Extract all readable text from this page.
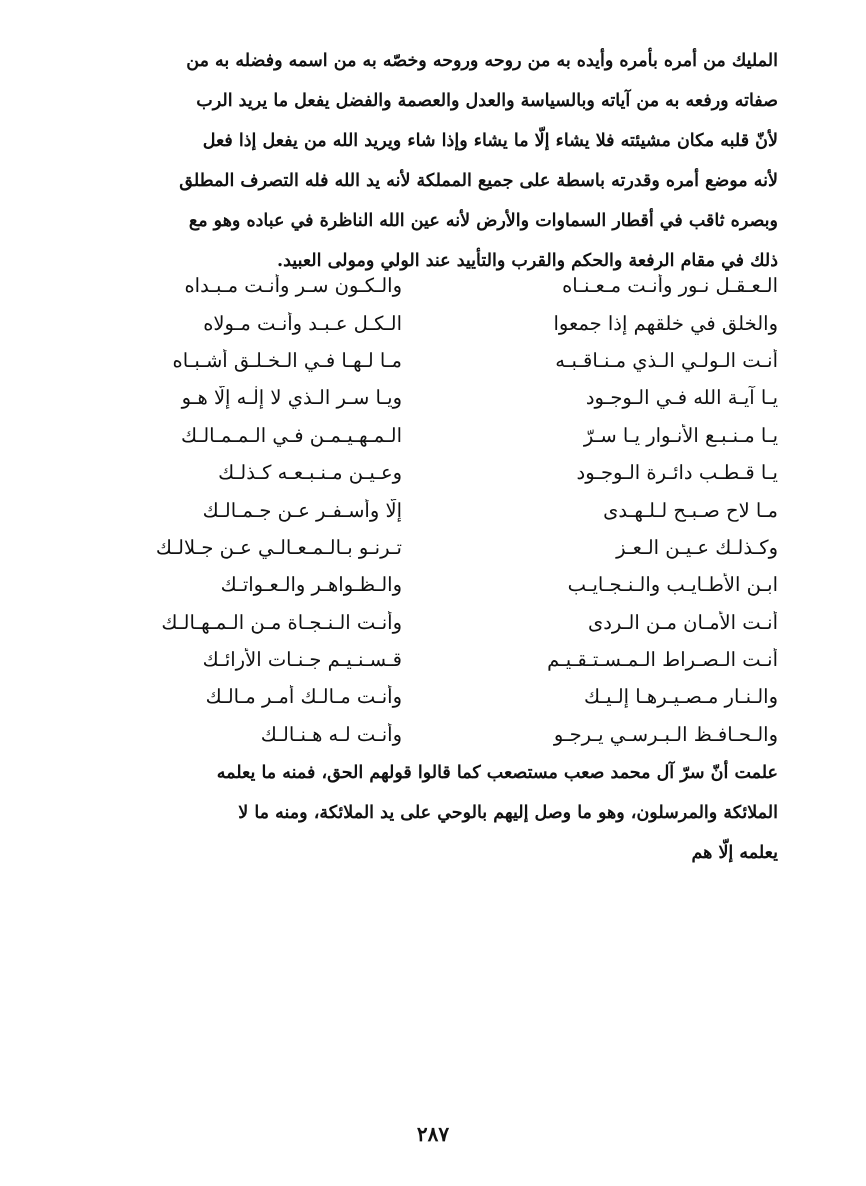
المليك من أمره بأمره وأيده به من روحه وروحه وخصّه به من اسمه وفضله به من
صفاته ورفعه به من آياته وبالسياسة والعدل والعصمة والفضل يفعل ما يريد الرب
لأنّ قلبه مكان مشيئته فلا يشاء إلّا ما يشاء وإذا شاء ويريد الله من يفعل إذا فعل
لأنه موضع أمره وقدرته باسطة على جميع المملكة لأنه يد الله فله التصرف المطلق
وبصره ثاقب في أقطار السماوات والأرض لأنه عين الله الناظرة في عباده وهو مع
ذلك في مقام الرفعة والحكم والقرب والتأييد عند الولي ومولى العبيد.
الـعـقـل نـور وأنـت مـعـنـاه
والـكـون سـر وأنـت مـبـداه
والخلق في خلقهم إذا جمعوا
الـكـل عـبـد وأنـت مـولاه
أنـت الـولـي الـذي مـنـاقـبـه
مـا لـهـا فـي الـخـلـق أشـبـاه
يـا آيـة الله فـي الـوجـود
ويـا سـر الـذي لا إلٰـه إلّا هـو
يـا مـنـبـع الأنـوار يـا سـرّ
الـمـهـيـمـن فـي الـمـمـالـك
يـا قـطـب دائـرة الـوجـود
وعـيـن مـنـبـعـه كـذلـك
مـا لاح صـبـح لـلـهـدى
إلّا وأسـفـر عـن جـمـالـك
وكـذلـك عـيـن الـعـز
تـرنـو بـالـمـعـالـي عـن جـلالـك
ابـن الأطـايـب والـنـجـايـب
والـظـواهـر والـعـواتـك
أنـت الأمـان مـن الـردى
وأنـت الـنـجـاة مـن الـمـهـالـك
أنـت الـصـراط الـمـسـتـقـيـم
قـسـنـيـم جـنـات الأرائـك
والـنـار مـصـيـرهـا إلـيـك
وأنـت مـالـك أمـر مـالـك
والـحـافـظ الـبـرسـي يـرجـو
وأنـت لـه هـنـالـك
علمت أنّ سرّ آل محمد صعب مستصعب كما قالوا قولهم الحق، فمنه ما يعلمه
الملائكة والمرسلون، وهو ما وصل إليهم بالوحي على يد الملائكة، ومنه ما لا
يعلمه إلّا هم
٢٨٧
